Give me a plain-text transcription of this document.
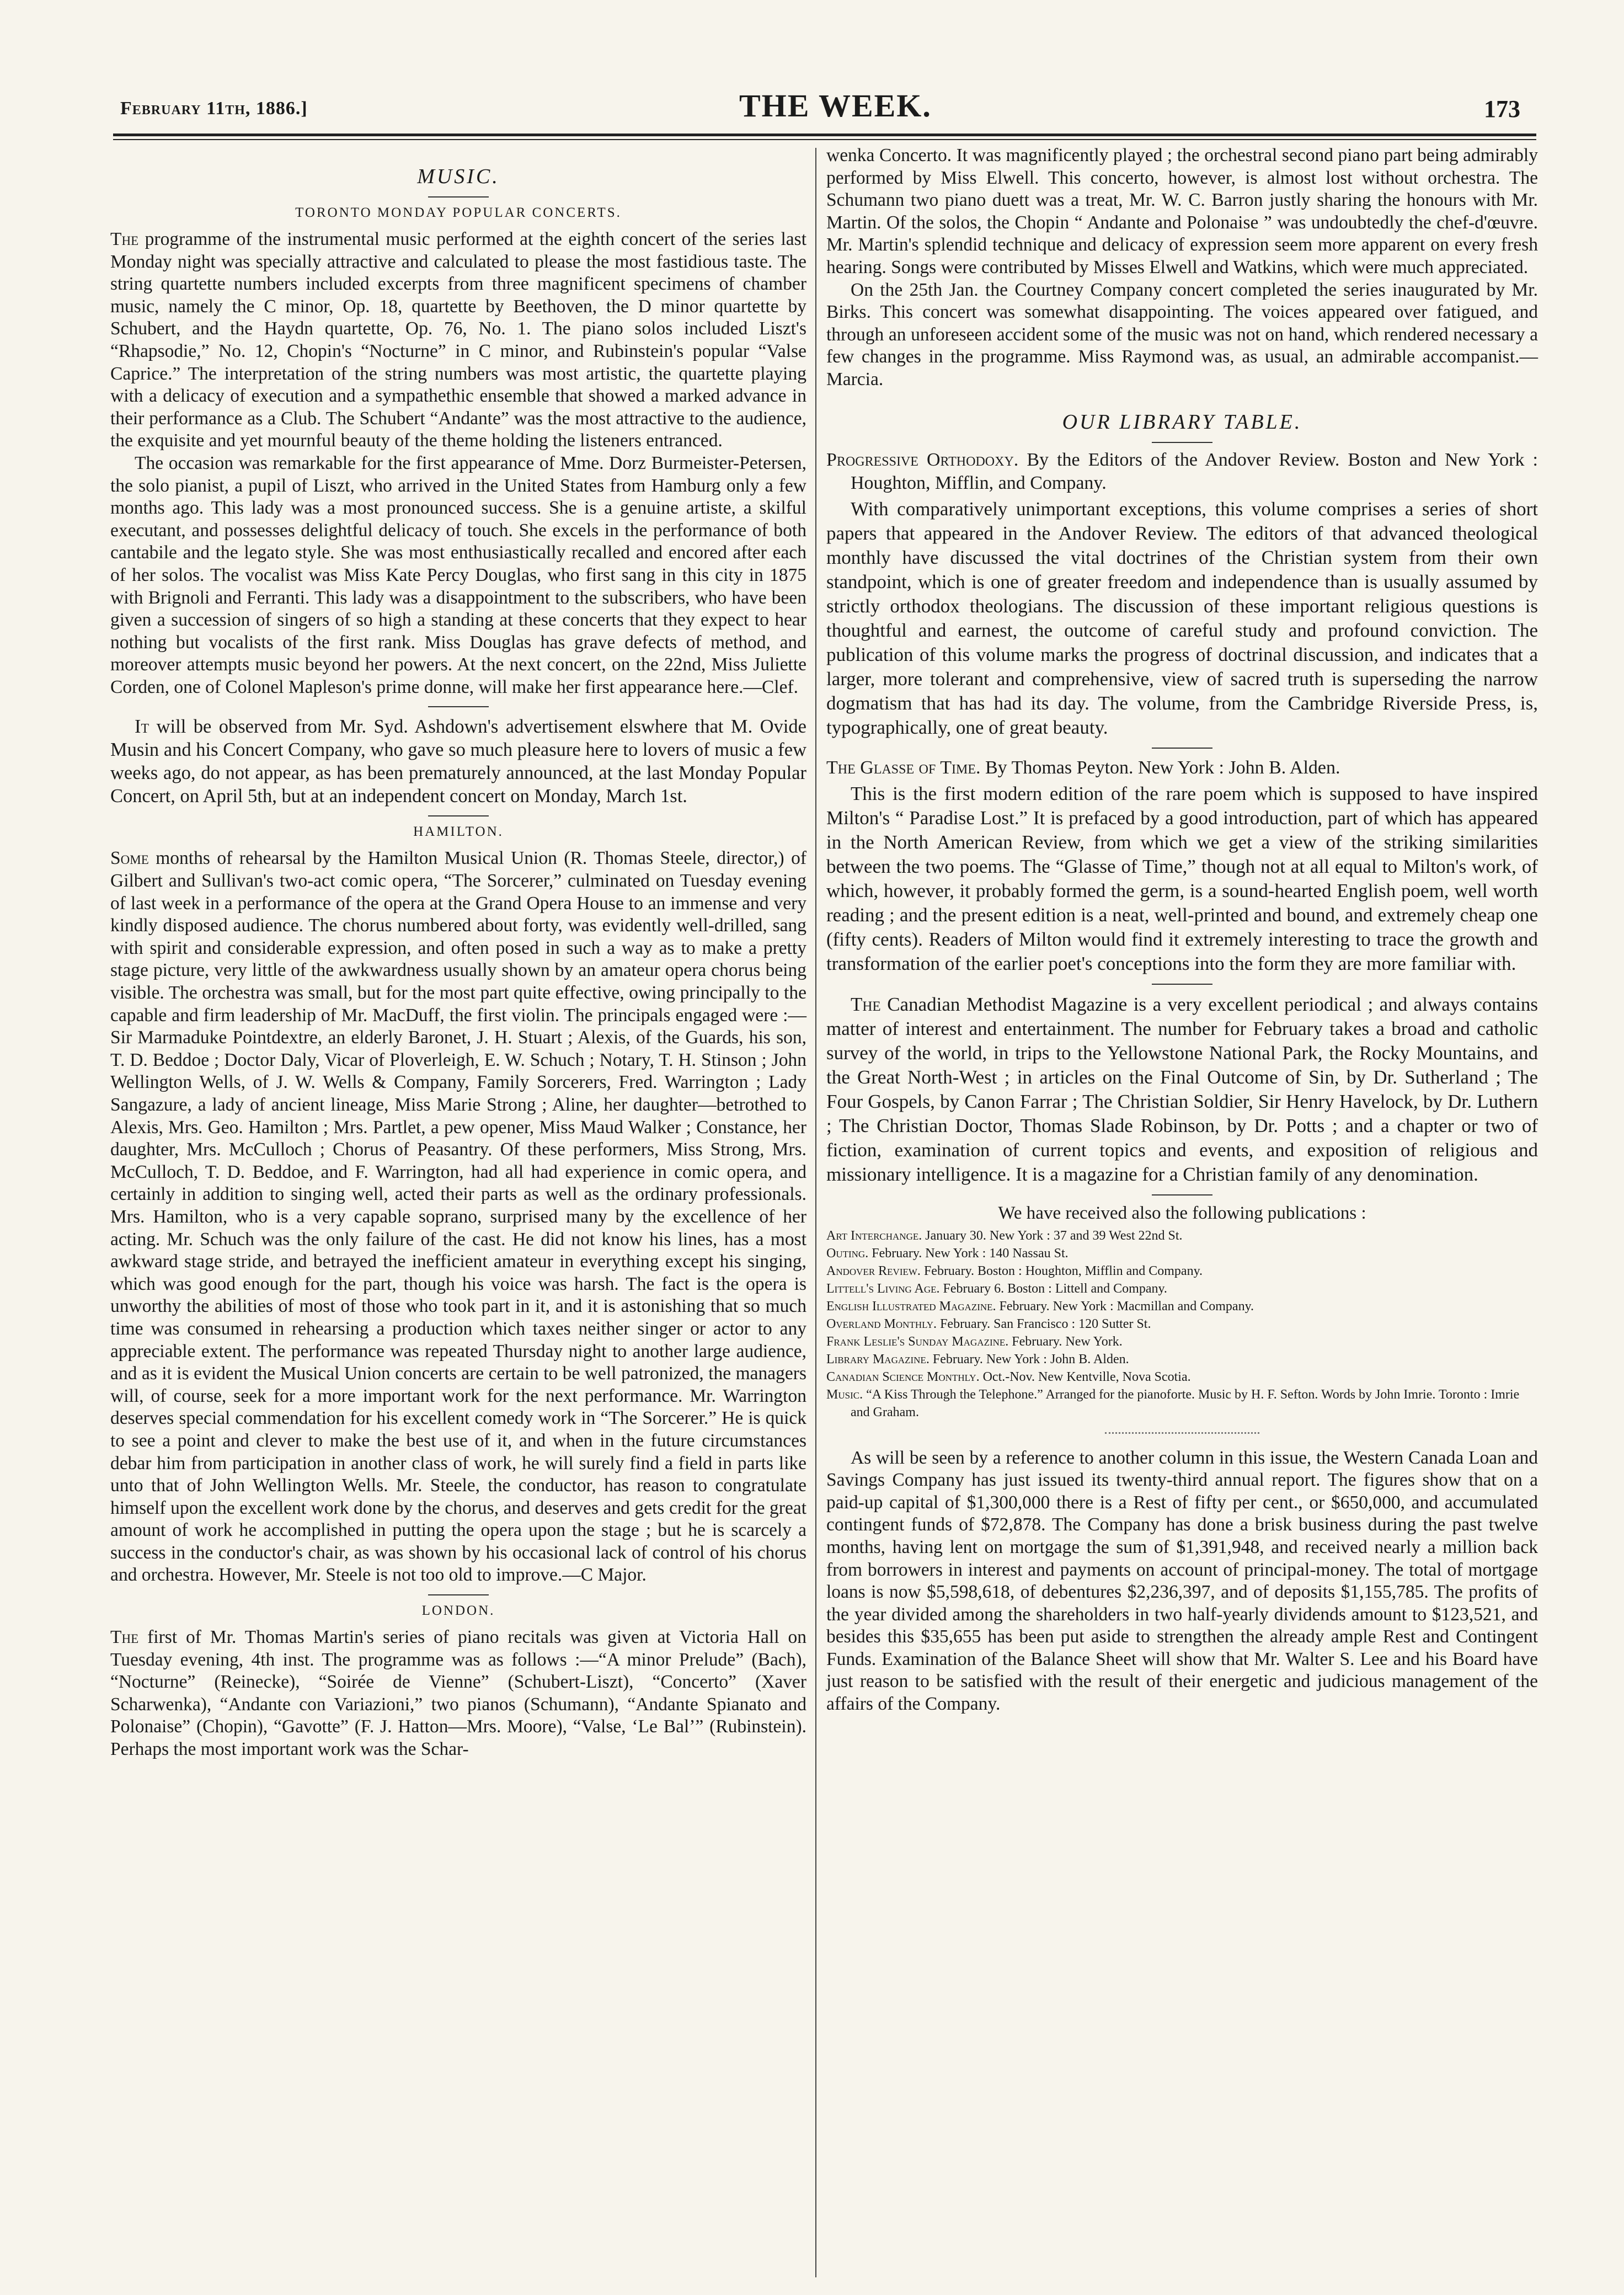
February 11th, 1886.]	THE WEEK.	173
MUSIC.
TORONTO MONDAY POPULAR CONCERTS.

The programme of the instrumental music performed at the eighth concert of the series last Monday night was specially attractive and calculated to please the most fastidious taste. The string quartette numbers included excerpts from three magnificent specimens of chamber music, namely the C minor, Op. 18, quartette by Beethoven, the D minor quartette by Schubert, and the Haydn quartette, Op. 76, No. 1. The piano solos included Liszt's “Rhapsodie,” No. 12, Chopin's “Nocturne” in C minor, and Rubinstein's popular “Valse Caprice.” The interpretation of the string numbers was most artistic, the quartette playing with a delicacy of execution and a sympathethic ensemble that showed a marked advance in their performance as a Club. The Schubert “Andante” was the most attractive to the audience, the exquisite and yet mournful beauty of the theme holding the listeners entranced.

The occasion was remarkable for the first appearance of Mme. Dorz Burmeister-Petersen, the solo pianist, a pupil of Liszt, who arrived in the United States from Hamburg only a few months ago. This lady was a most pronounced success. She is a genuine artiste, a skilful executant, and possesses delightful delicacy of touch. She excels in the performance of both cantabile and the legato style. She was most enthusiastically recalled and encored after each of her solos. The vocalist was Miss Kate Percy Douglas, who first sang in this city in 1875 with Brignoli and Ferranti. This lady was a disappointment to the subscribers, who have been given a succession of singers of so high a standing at these concerts that they expect to hear nothing but vocalists of the first rank. Miss Douglas has grave defects of method, and moreover attempts music beyond her powers. At the next concert, on the 22nd, Miss Juliette Corden, one of Colonel Mapleson's prime donne, will make her first appearance here.—Clef.

It will be observed from Mr. Syd. Ashdown's advertisement elswhere that M. Ovide Musin and his Concert Company, who gave so much pleasure here to lovers of music a few weeks ago, do not appear, as has been prematurely announced, at the last Monday Popular Concert, on April 5th, but at an independent concert on Monday, March 1st.

HAMILTON.

Some months of rehearsal by the Hamilton Musical Union (R. Thomas Steele, director,) of Gilbert and Sullivan's two-act comic opera, “The Sorcerer,” culminated on Tuesday evening of last week in a performance of the opera at the Grand Opera House to an immense and very kindly disposed audience. The chorus numbered about forty, was evidently well-drilled, sang with spirit and considerable expression, and often posed in such a way as to make a pretty stage picture, very little of the awkwardness usually shown by an amateur opera chorus being visible. The orchestra was small, but for the most part quite effective, owing principally to the capable and firm leadership of Mr. MacDuff, the first violin. The principals engaged were :—Sir Marmaduke Pointdextre, an elderly Baronet, J. H. Stuart ; Alexis, of the Guards, his son, T. D. Beddoe ; Doctor Daly, Vicar of Ploverleigh, E. W. Schuch ; Notary, T. H. Stinson ; John Wellington Wells, of J. W. Wells & Company, Family Sorcerers, Fred. Warrington ; Lady Sangazure, a lady of ancient lineage, Miss Marie Strong ; Aline, her daughter—betrothed to Alexis, Mrs. Geo. Hamilton ; Mrs. Partlet, a pew opener, Miss Maud Walker ; Constance, her daughter, Mrs. McCulloch ; Chorus of Peasantry. Of these performers, Miss Strong, Mrs. McCulloch, T. D. Beddoe, and F. Warrington, had all had experience in comic opera, and certainly in addition to singing well, acted their parts as well as the ordinary professionals. Mrs. Hamilton, who is a very capable soprano, surprised many by the excellence of her acting. Mr. Schuch was the only failure of the cast. He did not know his lines, has a most awkward stage stride, and betrayed the inefficient amateur in everything except his singing, which was good enough for the part, though his voice was harsh. The fact is the opera is unworthy the abilities of most of those who took part in it, and it is astonishing that so much time was consumed in rehearsing a production which taxes neither singer or actor to any appreciable extent. The performance was repeated Thursday night to another large audience, and as it is evident the Musical Union concerts are certain to be well patronized, the managers will, of course, seek for a more important work for the next performance. Mr. Warrington deserves special commendation for his excellent comedy work in “The Sorcerer.” He is quick to see a point and clever to make the best use of it, and when in the future circumstances debar him from participation in another class of work, he will surely find a field in parts like unto that of John Wellington Wells. Mr. Steele, the conductor, has reason to congratulate himself upon the excellent work done by the chorus, and deserves and gets credit for the great amount of work he accomplished in putting the opera upon the stage ; but he is scarcely a success in the conductor's chair, as was shown by his occasional lack of control of his chorus and orchestra. However, Mr. Steele is not too old to improve.—C Major.

LONDON.

The first of Mr. Thomas Martin's series of piano recitals was given at Victoria Hall on Tuesday evening, 4th inst. The programme was as follows :—“A minor Prelude” (Bach), “Nocturne” (Reinecke), “Soirée de Vienne” (Schubert-Liszt), “Concerto” (Xaver Scharwenka), “Andante con Variazioni,” two pianos (Schumann), “Andante Spianato and Polonaise” (Chopin), “Gavotte” (F. J. Hatton—Mrs. Moore), “Valse, ‘Le Bal’” (Rubinstein). Perhaps the most important work was the Schar-

wenka Concerto. It was magnificently played ; the orchestral second piano part being admirably performed by Miss Elwell. This concerto, however, is almost lost without orchestra. The Schumann two piano duett was a treat, Mr. W. C. Barron justly sharing the honours with Mr. Martin. Of the solos, the Chopin “ Andante and Polonaise ” was undoubtedly the chef-d'œuvre. Mr. Martin's splendid technique and delicacy of expression seem more apparent on every fresh hearing. Songs were contributed by Misses Elwell and Watkins, which were much appreciated.

On the 25th Jan. the Courtney Company concert completed the series inaugurated by Mr. Birks. This concert was somewhat disappointing. The voices appeared over fatigued, and through an unforeseen accident some of the music was not on hand, which rendered necessary a few changes in the programme. Miss Raymond was, as usual, an admirable accompanist.—Marcia.

OUR LIBRARY TABLE.
Progressive Orthodoxy. By the Editors of the Andover Review. Boston and New York : Houghton, Mifflin, and Company.

With comparatively unimportant exceptions, this volume comprises a series of short papers that appeared in the Andover Review. The editors of that advanced theological monthly have discussed the vital doctrines of the Christian system from their own standpoint, which is one of greater freedom and independence than is usually assumed by strictly orthodox theologians. The discussion of these important religious questions is thoughtful and earnest, the outcome of careful study and profound conviction. The publication of this volume marks the progress of doctrinal discussion, and indicates that a larger, more tolerant and comprehensive, view of sacred truth is superseding the narrow dogmatism that has had its day. The volume, from the Cambridge Riverside Press, is, typographically, one of great beauty.

The Glasse of Time. By Thomas Peyton. New York : John B. Alden.

This is the first modern edition of the rare poem which is supposed to have inspired Milton's “ Paradise Lost.” It is prefaced by a good introduction, part of which has appeared in the North American Review, from which we get a view of the striking similarities between the two poems. The “Glasse of Time,” though not at all equal to Milton's work, of which, however, it probably formed the germ, is a sound-hearted English poem, well worth reading ; and the present edition is a neat, well-printed and bound, and extremely cheap one (fifty cents). Readers of Milton would find it extremely interesting to trace the growth and transformation of the earlier poet's conceptions into the form they are more familiar with.

The Canadian Methodist Magazine is a very excellent periodical ; and always contains matter of interest and entertainment. The number for February takes a broad and catholic survey of the world, in trips to the Yellowstone National Park, the Rocky Mountains, and the Great North-West ; in articles on the Final Outcome of Sin, by Dr. Sutherland ; The Four Gospels, by Canon Farrar ; The Christian Soldier, Sir Henry Havelock, by Dr. Luthern ; The Christian Doctor, Thomas Slade Robinson, by Dr. Potts ; and a chapter or two of fiction, examination of current topics and events, and exposition of religious and missionary intelligence. It is a magazine for a Christian family of any denomination.

We have received also the following publications :
Art Interchange. January 30. New York : 37 and 39 West 22nd St.
Outing. February. New York : 140 Nassau St.
Andover Review. February. Boston : Houghton, Mifflin and Company.
Littell's Living Age. February 6. Boston : Littell and Company.
English Illustrated Magazine. February. New York : Macmillan and Company.
Overland Monthly. February. San Francisco : 120 Sutter St.
Frank Leslie's Sunday Magazine. February. New York.
Library Magazine. February. New York : John B. Alden.
Canadian Science Monthly. Oct.-Nov. New Kentville, Nova Scotia.
Music. “A Kiss Through the Telephone.” Arranged for the pianoforte. Music by H. F. Sefton. Words by John Imrie. Toronto : Imrie and Graham.

As will be seen by a reference to another column in this issue, the Western Canada Loan and Savings Company has just issued its twenty-third annual report. The figures show that on a paid-up capital of $1,300,000 there is a Rest of fifty per cent., or $650,000, and accumulated contingent funds of $72,878. The Company has done a brisk business during the past twelve months, having lent on mortgage the sum of $1,391,948, and received nearly a million back from borrowers in interest and payments on account of principal-money. The total of mortgage loans is now $5,598,618, of debentures $2,236,397, and of deposits $1,155,785. The profits of the year divided among the shareholders in two half-yearly dividends amount to $123,521, and besides this $35,655 has been put aside to strengthen the already ample Rest and Contingent Funds. Examination of the Balance Sheet will show that Mr. Walter S. Lee and his Board have just reason to be satisfied with the result of their energetic and judicious management of the affairs of the Company.
